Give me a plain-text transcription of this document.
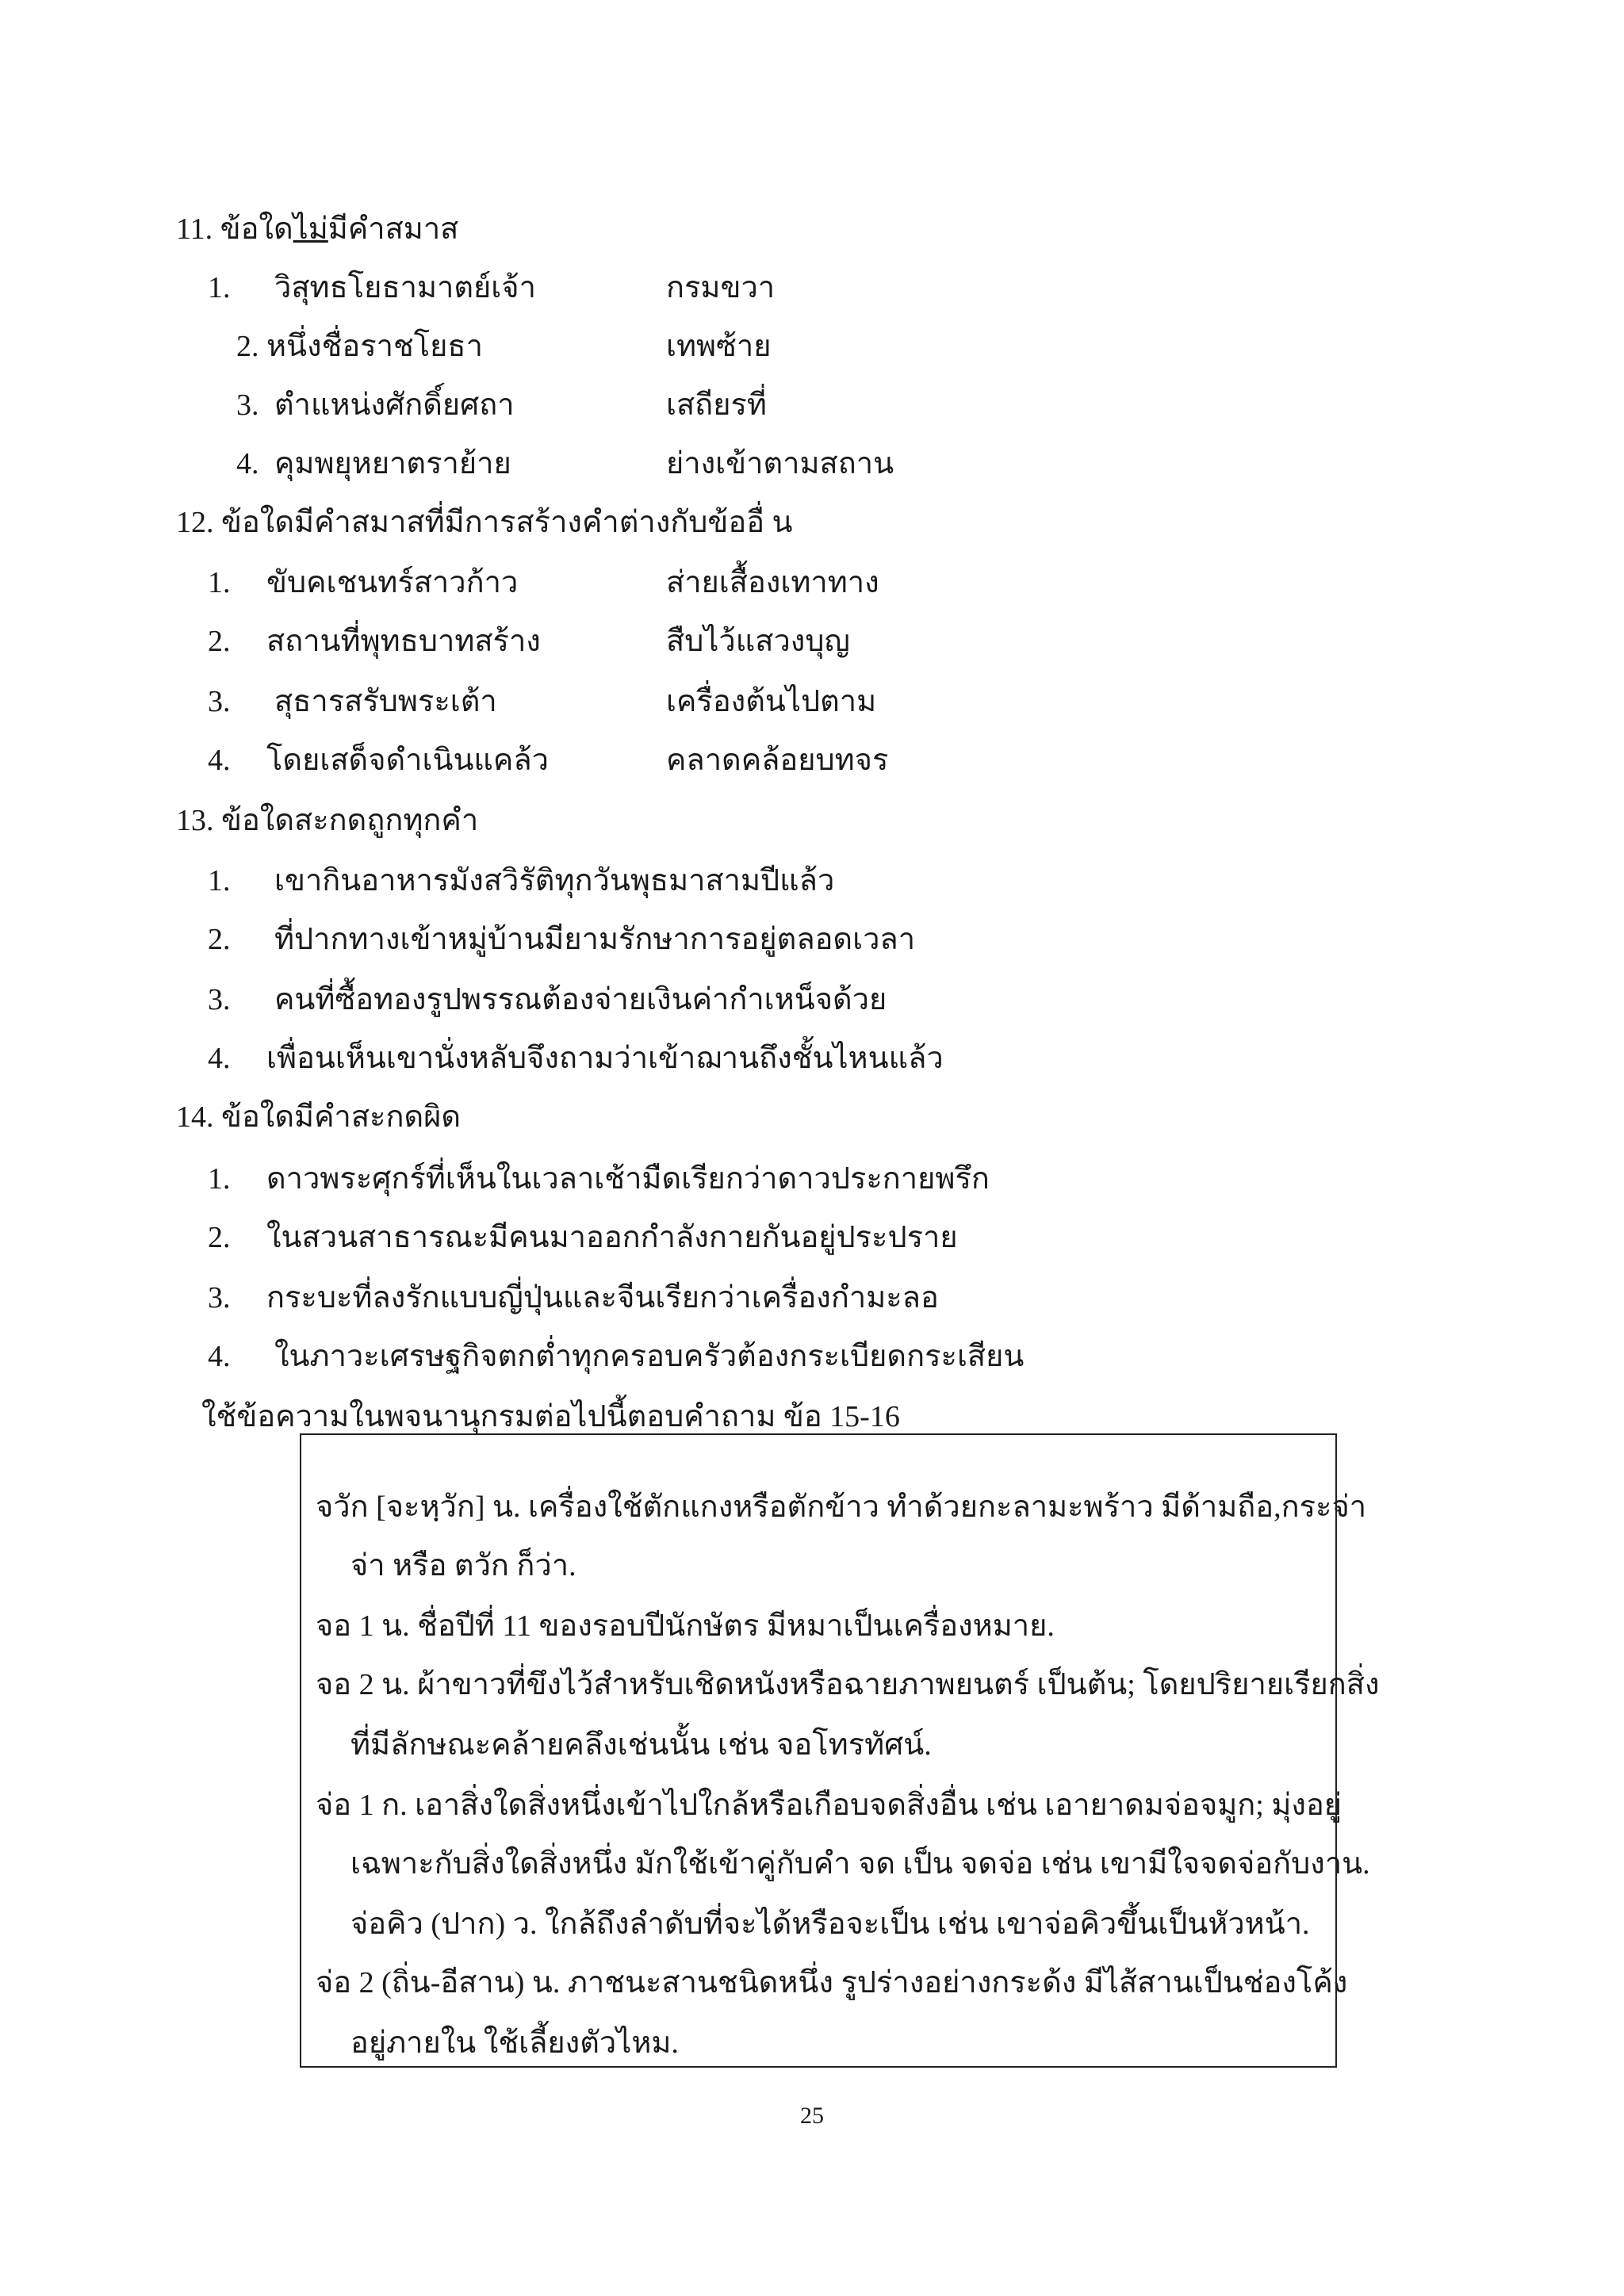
11. ข้อใดไม่มีคำสมาส
1. วิสุทธโยธามาตย์เจ้า	กรมขวา
2. หนึ่งชื่อราชโยธา	เทพซ้าย
3. ตำแหน่งศักดิ์ยศถา	เสถียรที่
4. คุมพยุหยาตราย้าย	ย่างเข้าตามสถาน
12. ข้อใดมีคำสมาสที่มีการสร้างคำต่างกับข้ออื่ น
1. ขับคเชนทร์สาวก้าว	ส่ายเสื้องเทาทาง
2. สถานที่พุทธบาทสร้าง	สืบไว้แสวงบุญ
3. สุธารสรับพระเต้า	เครื่องต้นไปตาม
4. โดยเสด็จดำเนินแคล้ว	คลาดคล้อยบทจร
13. ข้อใดสะกดถูกทุกคำ
1. เขากินอาหารมังสวิรัติทุกวันพุธมาสามปีแล้ว
2. ที่ปากทางเข้าหมู่บ้านมียามรักษาการอยู่ตลอดเวลา
3. คนที่ซื้อทองรูปพรรณต้องจ่ายเงินค่ากำเหน็จด้วย
4. เพื่อนเห็นเขานั่งหลับจึงถามว่าเข้าฌานถึงชั้นไหนแล้ว
14. ข้อใดมีคำสะกดผิด
1. ดาวพระศุกร์ที่เห็นในเวลาเช้ามืดเรียกว่าดาวประกายพรึก
2. ในสวนสาธารณะมีคนมาออกกำลังกายกันอยู่ประปราย
3. กระบะที่ลงรักแบบญี่ปุ่นและจีนเรียกว่าเครื่องกำมะลอ
4. ในภาวะเศรษฐกิจตกต่ำทุกครอบครัวต้องกระเบียดกระเสียน
ใช้ข้อความในพจนานุกรมต่อไปนี้ตอบคำถาม ข้อ 15-16
จวัก [จะหฺวัก] น. เครื่องใช้ตักแกงหรือตักข้าว ทำด้วยกะลามะพร้าว มีด้ามถือ,กระจ่า
จ่า หรือ ตวัก ก็ว่า.
จอ 1 น. ชื่อปีที่ 11 ของรอบปีนักษัตร มีหมาเป็นเครื่องหมาย.
จอ 2 น. ผ้าขาวที่ขึงไว้สำหรับเชิดหนังหรือฉายภาพยนตร์ เป็นต้น; โดยปริยายเรียกสิ่ง
ที่มีลักษณะคล้ายคลึงเช่นนั้น เช่น จอโทรทัศน์.
จ่อ 1 ก. เอาสิ่งใดสิ่งหนึ่งเข้าไปใกล้หรือเกือบจดสิ่งอื่น เช่น เอายาดมจ่อจมูก; มุ่งอยู่
เฉพาะกับสิ่งใดสิ่งหนึ่ง มักใช้เข้าคู่กับคำ จด เป็น จดจ่อ เช่น เขามีใจจดจ่อกับงาน.
จ่อคิว (ปาก) ว. ใกล้ถึงลำดับที่จะได้หรือจะเป็น เช่น เขาจ่อคิวขึ้นเป็นหัวหน้า.
จ่อ 2 (ถิ่น-อีสาน) น. ภาชนะสานชนิดหนึ่ง รูปร่างอย่างกระด้ง มีไส้สานเป็นช่องโค้ง
อยู่ภายใน ใช้เลี้ยงตัวไหม.
25
